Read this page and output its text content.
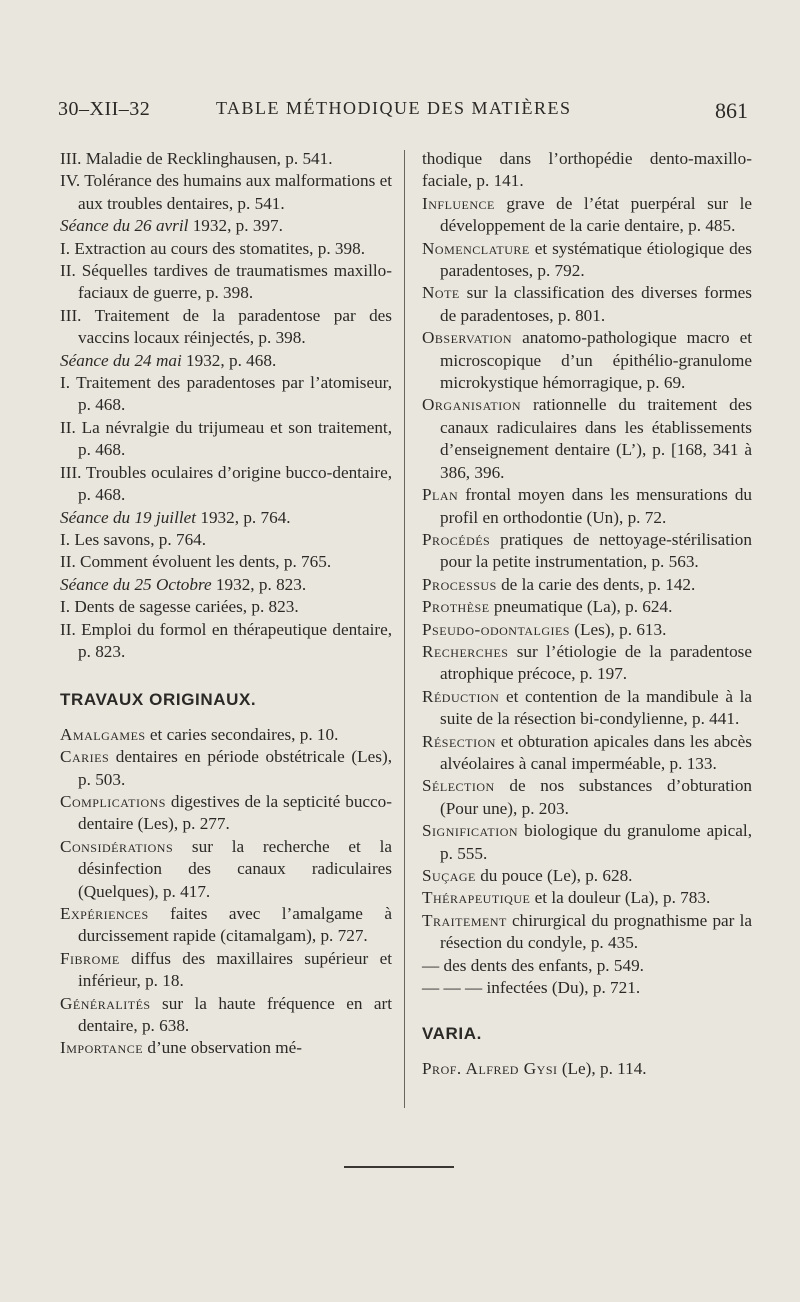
30–XII–32	TABLE MÉTHODIQUE DES MATIÈRES	861

III. Maladie de Recklinghausen, p. 541.

IV. Tolérance des humains aux malformations et aux troubles dentaires, p. 541.

Séance du 26 avril 1932, p. 397.

I. Extraction au cours des stomatites, p. 398.

II. Séquelles tardives de traumatismes maxillo-faciaux de guerre, p. 398.

III. Traitement de la paradentose par des vaccins locaux réinjectés, p. 398.

Séance du 24 mai 1932, p. 468.

I. Traitement des paradentoses par l’atomiseur, p. 468.

II. La névralgie du trijumeau et son traitement, p. 468.

III. Troubles oculaires d’origine bucco-dentaire, p. 468.

Séance du 19 juillet 1932, p. 764.

I. Les savons, p. 764.

II. Comment évoluent les dents, p. 765.

Séance du 25 Octobre 1932, p. 823.

I. Dents de sagesse cariées, p. 823.

II. Emploi du formol en thérapeutique dentaire, p. 823.

TRAVAUX ORIGINAUX.

Amalgames et caries secondaires, p. 10.

Caries dentaires en période obstétricale (Les), p. 503.

Complications digestives de la septicité bucco-dentaire (Les), p. 277.

Considérations sur la recherche et la désinfection des canaux radiculaires (Quelques), p. 417.

Expériences faites avec l’amalgame à durcissement rapide (citamalgam), p. 727.

Fibrome diffus des maxillaires supérieur et inférieur, p. 18.

Généralités sur la haute fréquence en art dentaire, p. 638.

Importance d’une observation mé-

thodique dans l’orthopédie dento-maxillo-faciale, p. 141.

Influence grave de l’état puerpéral sur le développement de la carie dentaire, p. 485.

Nomenclature et systématique étiologique des paradentoses, p. 792.

Note sur la classification des diverses formes de paradentoses, p. 801.

Observation anatomo-pathologique macro et microscopique d’un épithélio-granulome microkystique hémorragique, p. 69.

Organisation rationnelle du traitement des canaux radiculaires dans les établissements d’enseignement dentaire (L’), p. [168, 341 à 386, 396.

Plan frontal moyen dans les mensurations du profil en orthodontie (Un), p. 72.

Procédés pratiques de nettoyage-stérilisation pour la petite instrumentation, p. 563.

Processus de la carie des dents, p. 142.

Prothèse pneumatique (La), p. 624.

Pseudo-odontalgies (Les), p. 613.

Recherches sur l’étiologie de la paradentose atrophique précoce, p. 197.

Réduction et contention de la mandibule à la suite de la résection bi-condylienne, p. 441.

Résection et obturation apicales dans les abcès alvéolaires à canal imperméable, p. 133.

Sélection de nos substances d’obturation (Pour une), p. 203.

Signification biologique du granulome apical, p. 555.

Suçage du pouce (Le), p. 628.

Thérapeutique et la douleur (La), p. 783.

Traitement chirurgical du prognathisme par la résection du condyle, p. 435.

— des dents des enfants, p. 549.

— — — infectées (Du), p. 721.

VARIA.

Prof. Alfred Gysi (Le), p. 114.
